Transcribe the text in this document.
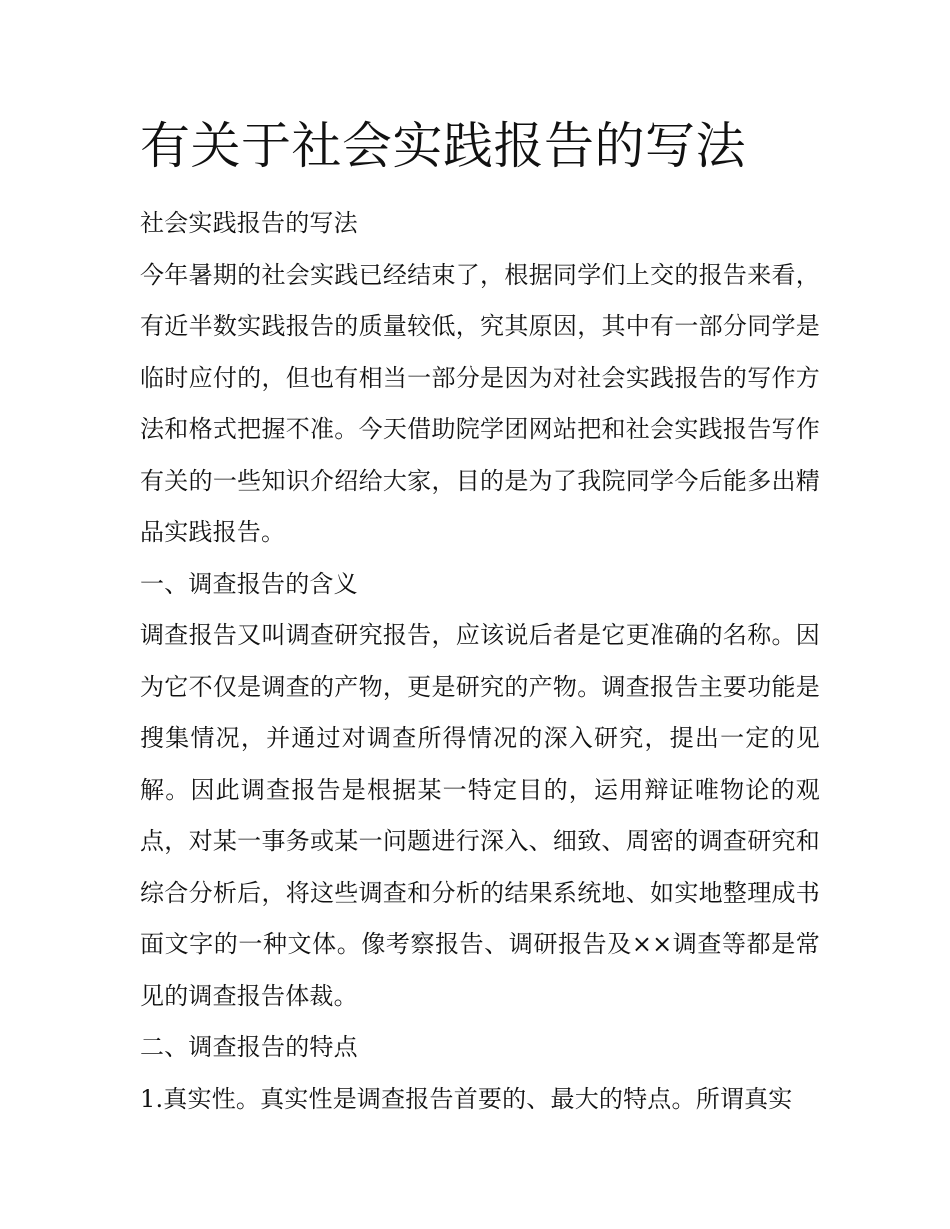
有关于社会实践报告的写法

社会实践报告的写法

今年暑期的社会实践已经结束了，根据同学们上交的报告来看，有近半数实践报告的质量较低，究其原因，其中有一部分同学是临时应付的，但也有相当一部分是因为对社会实践报告的写作方法和格式把握不准。今天借助院学团网站把和社会实践报告写作有关的一些知识介绍给大家，目的是为了我院同学今后能多出精品实践报告。

一、调查报告的含义

调查报告又叫调查研究报告，应该说后者是它更准确的名称。因为它不仅是调查的产物，更是研究的产物。调查报告主要功能是搜集情况，并通过对调查所得情况的深入研究，提出一定的见解。因此调查报告是根据某一特定目的，运用辩证唯物论的观点，对某一事务或某一问题进行深入、细致、周密的调查研究和综合分析后，将这些调查和分析的结果系统地、如实地整理成书面文字的一种文体。像考察报告、调研报告及××调查等都是常见的调查报告体裁。

二、调查报告的特点

1.真实性。真实性是调查报告首要的、最大的特点。所谓真实
